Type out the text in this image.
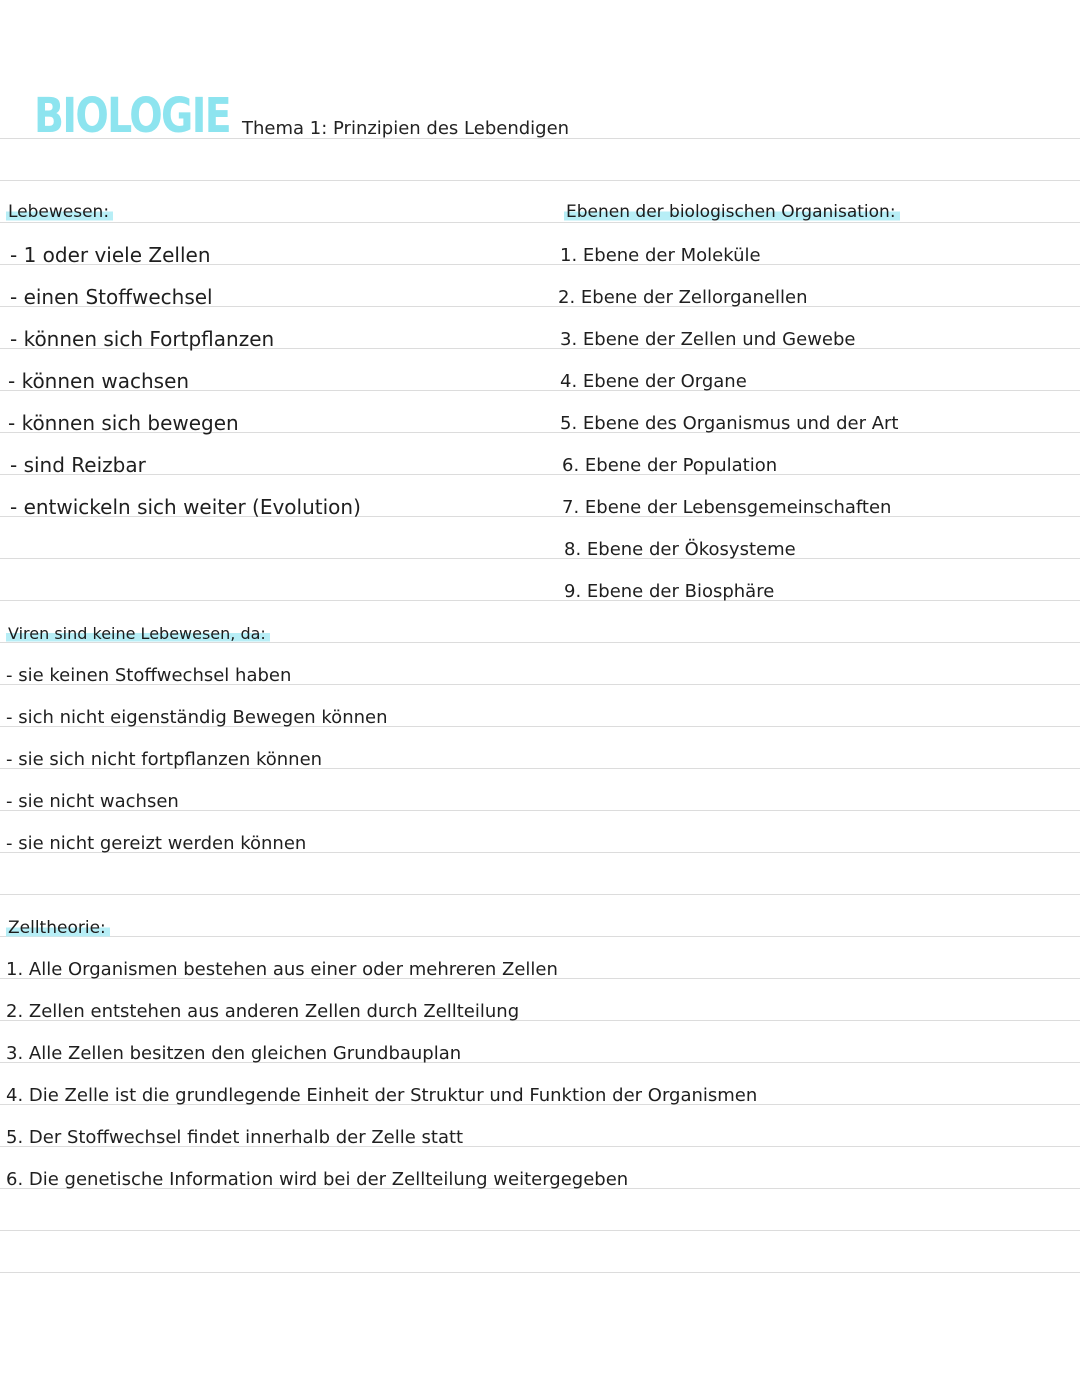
BIOLOGIE Thema 1: Prinzipien des Lebendigen
Lebewesen:
- 1 oder viele Zellen
- einen Stoffwechsel
- können sich Fortpflanzen
- können wachsen
- können sich bewegen
- sind Reizbar
- entwickeln sich weiter (Evolution)
Ebenen der biologischen Organisation:
1. Ebene der Moleküle
2. Ebene der Zellorganellen
3. Ebene der Zellen und Gewebe
4. Ebene der Organe
5. Ebene des Organismus und der Art
6. Ebene der Population
7. Ebene der Lebensgemeinschaften
8. Ebene der Ökosysteme
9. Ebene der Biosphäre
Viren sind keine Lebewesen, da:
- sie keinen Stoffwechsel haben
- sich nicht eigenständig Bewegen können
- sie sich nicht fortpflanzen können
- sie nicht wachsen
- sie nicht gereizt werden können
Zelltheorie:
1. Alle Organismen bestehen aus einer oder mehreren Zellen
2. Zellen entstehen aus anderen Zellen durch Zellteilung
3. Alle Zellen besitzen den gleichen Grundbauplan
4. Die Zelle ist die grundlegende Einheit der Struktur und Funktion der Organismen
5. Der Stoffwechsel findet innerhalb der Zelle statt
6. Die genetische Information wird bei der Zellteilung weitergegeben
